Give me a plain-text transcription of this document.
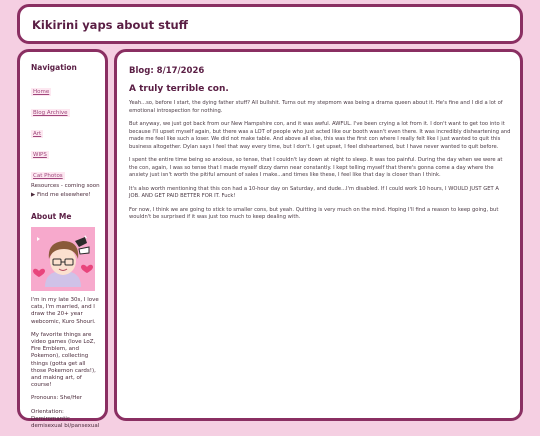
Kikirini yaps about stuff
Navigation
Home
Blog Archive
Art
WIPS
Cat Photos
Resources - coming soon
▶ Find me elsewhere!
About Me
I'm in my late 30s, I love cats, I'm married, and I draw the 20+ year webcomic, Kuro Shouri.
My favorite things are video games (love LoZ, Fire Emblem, and Pokemon), collecting things (gotta get all those Pokemon cards!), and making art, of course!
Pronouns: She/Her
Orientation: Demiromantic demisexual bi/pansexual
Blog: 8/17/2026
A truly terrible con.

Yeah...so, before I start, the dying father stuff? All bullshit. Turns out my stepmom was being a drama queen about it. He's fine and I did a lot of emotional introspection for nothing.

But anyway, we just got back from our New Hampshire con, and it was awful. AWFUL. I've been crying a lot from it. I don't want to get too into it because I'll upset myself again, but there was a LOT of people who just acted like our booth wasn't even there. It was incredibly disheartening and made me feel like such a loser. We did not make table. And above all else, this was the first con where I really felt like I just wanted to quit this business altogether. Dylan says I feel that way every time, but I don't. I get upset, I feel disheartened, but I have never wanted to quit before.

I spent the entire time being so anxious, so tense, that I couldn't lay down at night to sleep. It was too painful. During the day when we were at the con, again, I was so tense that I made myself dizzy damn near constantly. I kept telling myself that there's gonna come a day where the anxiety just isn't worth the pitiful amount of sales I make...and times like these, I feel like that day is closer than I think.

It's also worth mentioning that this con had a 10-hour day on Saturday, and dude...I'm disabled. If I could work 10 hours, I WOULD JUST GET A JOB. AND GET PAID BETTER FOR IT. Fuck!

For now, I think we are going to stick to smaller cons, but yeah. Quitting is very much on the mind. Hoping I'll find a reason to keep going, but wouldn't be surprised if it was just too much to keep dealing with.
